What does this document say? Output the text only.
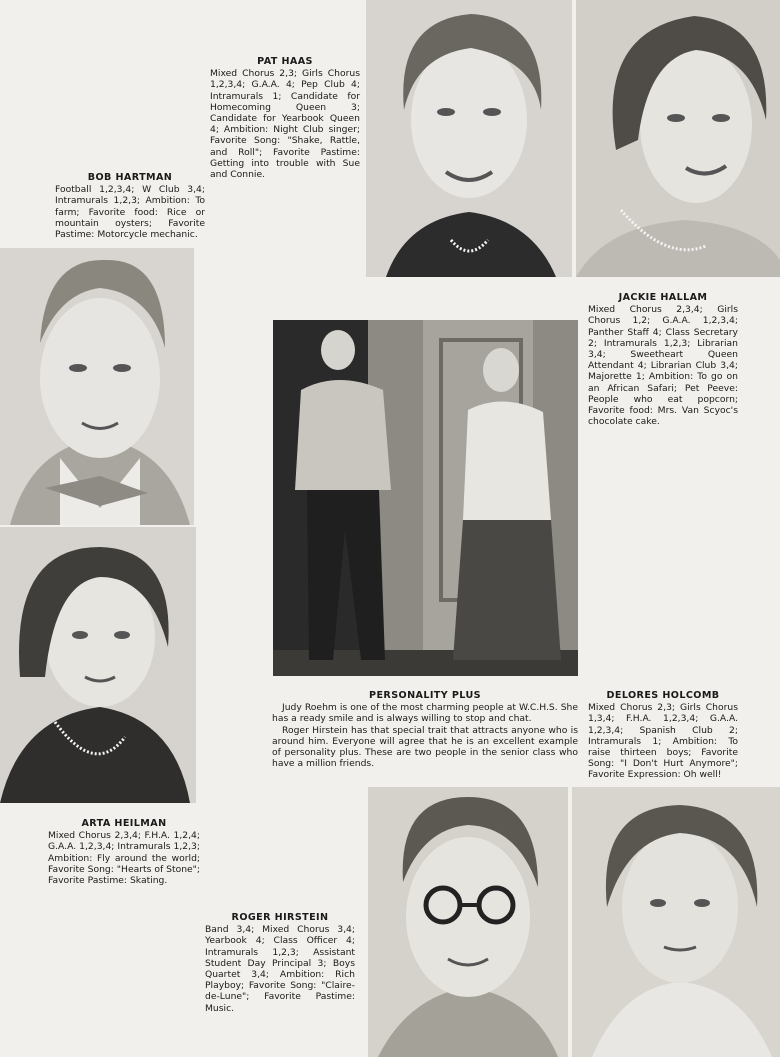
PAT HAAS
Mixed Chorus 2,3; Girls Chorus 1,2,3,4; G.A.A. 4; Pep Club 4; Intramurals 1; Candidate for Homecoming Queen 3; Candidate for Yearbook Queen 4; Ambition: Night Club singer; Favorite Song: "Shake, Rattle, and Roll"; Favorite Pastime: Getting into trouble with Sue and Connie.
BOB HARTMAN
Football 1,2,3,4; W Club 3,4; Intramurals 1,2,3; Ambition: To farm; Favorite food: Rice or mountain oysters; Favorite Pastime: Motorcycle mechanic.
JACKIE HALLAM
Mixed Chorus 2,3,4; Girls Chorus 1,2; G.A.A. 1,2,3,4; Panther Staff 4; Class Secretary 2; Intramurals 1,2,3; Librarian 3,4; Sweetheart Queen Attendant 4; Librarian Club 3,4; Majorette 1; Ambition: To go on an African Safari; Pet Peeve: People who eat popcorn; Favorite food: Mrs. Van Scyoc's chocolate cake.
PERSONALITY PLUS

Judy Roehm is one of the most charming people at W.C.H.S. She has a ready smile and is always willing to stop and chat.

Roger Hirstein has that special trait that attracts anyone who is around him. Everyone will agree that he is an excellent example of personality plus. These are two people in the senior class who have a million friends.

DELORES HOLCOMB
Mixed Chorus 2,3; Girls Chorus 1,3,4; F.H.A. 1,2,3,4; G.A.A. 1,2,3,4; Spanish Club 2; Intramurals 1; Ambition: To raise thirteen boys; Favorite Song: "I Don't Hurt Anymore"; Favorite Expression: Oh well!
ARTA HEILMAN
Mixed Chorus 2,3,4; F.H.A. 1,2,4; G.A.A. 1,2,3,4; Intramurals 1,2,3; Ambition: Fly around the world; Favorite Song: "Hearts of Stone"; Favorite Pastime: Skating.
ROGER HIRSTEIN
Band 3,4; Mixed Chorus 3,4; Yearbook 4; Class Officer 4; Intramurals 1,2,3; Assistant Student Day Principal 3; Boys Quartet 3,4; Ambition: Rich Playboy; Favorite Song: "Claire-de-Lune"; Favorite Pastime: Music.
